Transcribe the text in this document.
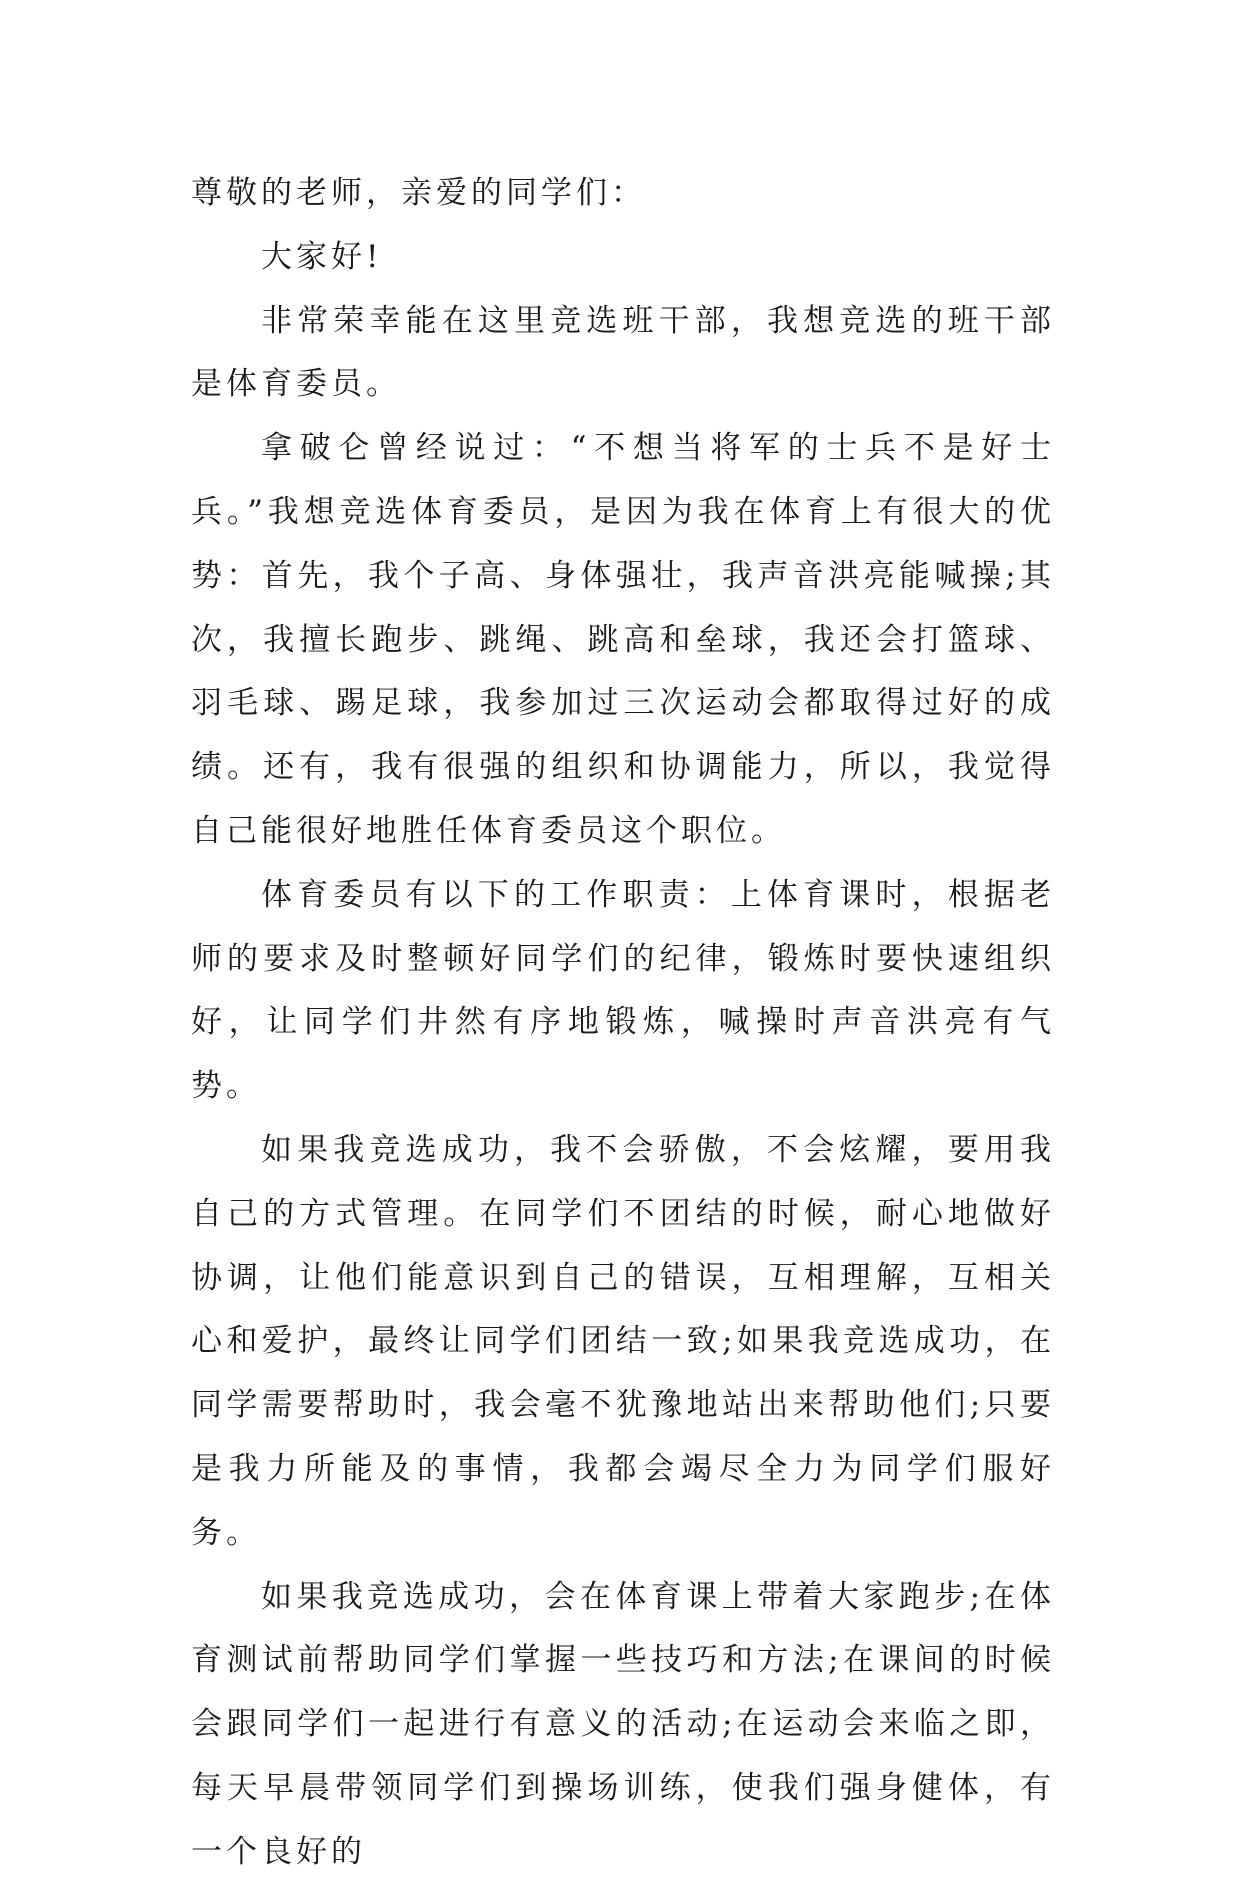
尊敬的老师，亲爱的同学们：

大家好!

非常荣幸能在这里竞选班干部，我想竞选的班干部是体育委员。

拿破仑曾经说过：“不想当将军的士兵不是好士兵。”我想竞选体育委员，是因为我在体育上有很大的优势：首先，我个子高、身体强壮，我声音洪亮能喊操;其次，我擅长跑步、跳绳、跳高和垒球，我还会打篮球、羽毛球、踢足球，我参加过三次运动会都取得过好的成绩。还有，我有很强的组织和协调能力，所以，我觉得自己能很好地胜任体育委员这个职位。

体育委员有以下的工作职责：上体育课时，根据老师的要求及时整顿好同学们的纪律，锻炼时要快速组织好，让同学们井然有序地锻炼，喊操时声音洪亮有气势。

如果我竞选成功，我不会骄傲，不会炫耀，要用我自己的方式管理。在同学们不团结的时候，耐心地做好协调，让他们能意识到自己的错误，互相理解，互相关心和爱护，最终让同学们团结一致;如果我竞选成功，在同学需要帮助时，我会毫不犹豫地站出来帮助他们;只要是我力所能及的事情，我都会竭尽全力为同学们服好务。

如果我竞选成功，会在体育课上带着大家跑步;在体育测试前帮助同学们掌握一些技巧和方法;在课间的时候会跟同学们一起进行有意义的活动;在运动会来临之即，每天早晨带领同学们到操场训练，使我们强身健体，有一个良好的
